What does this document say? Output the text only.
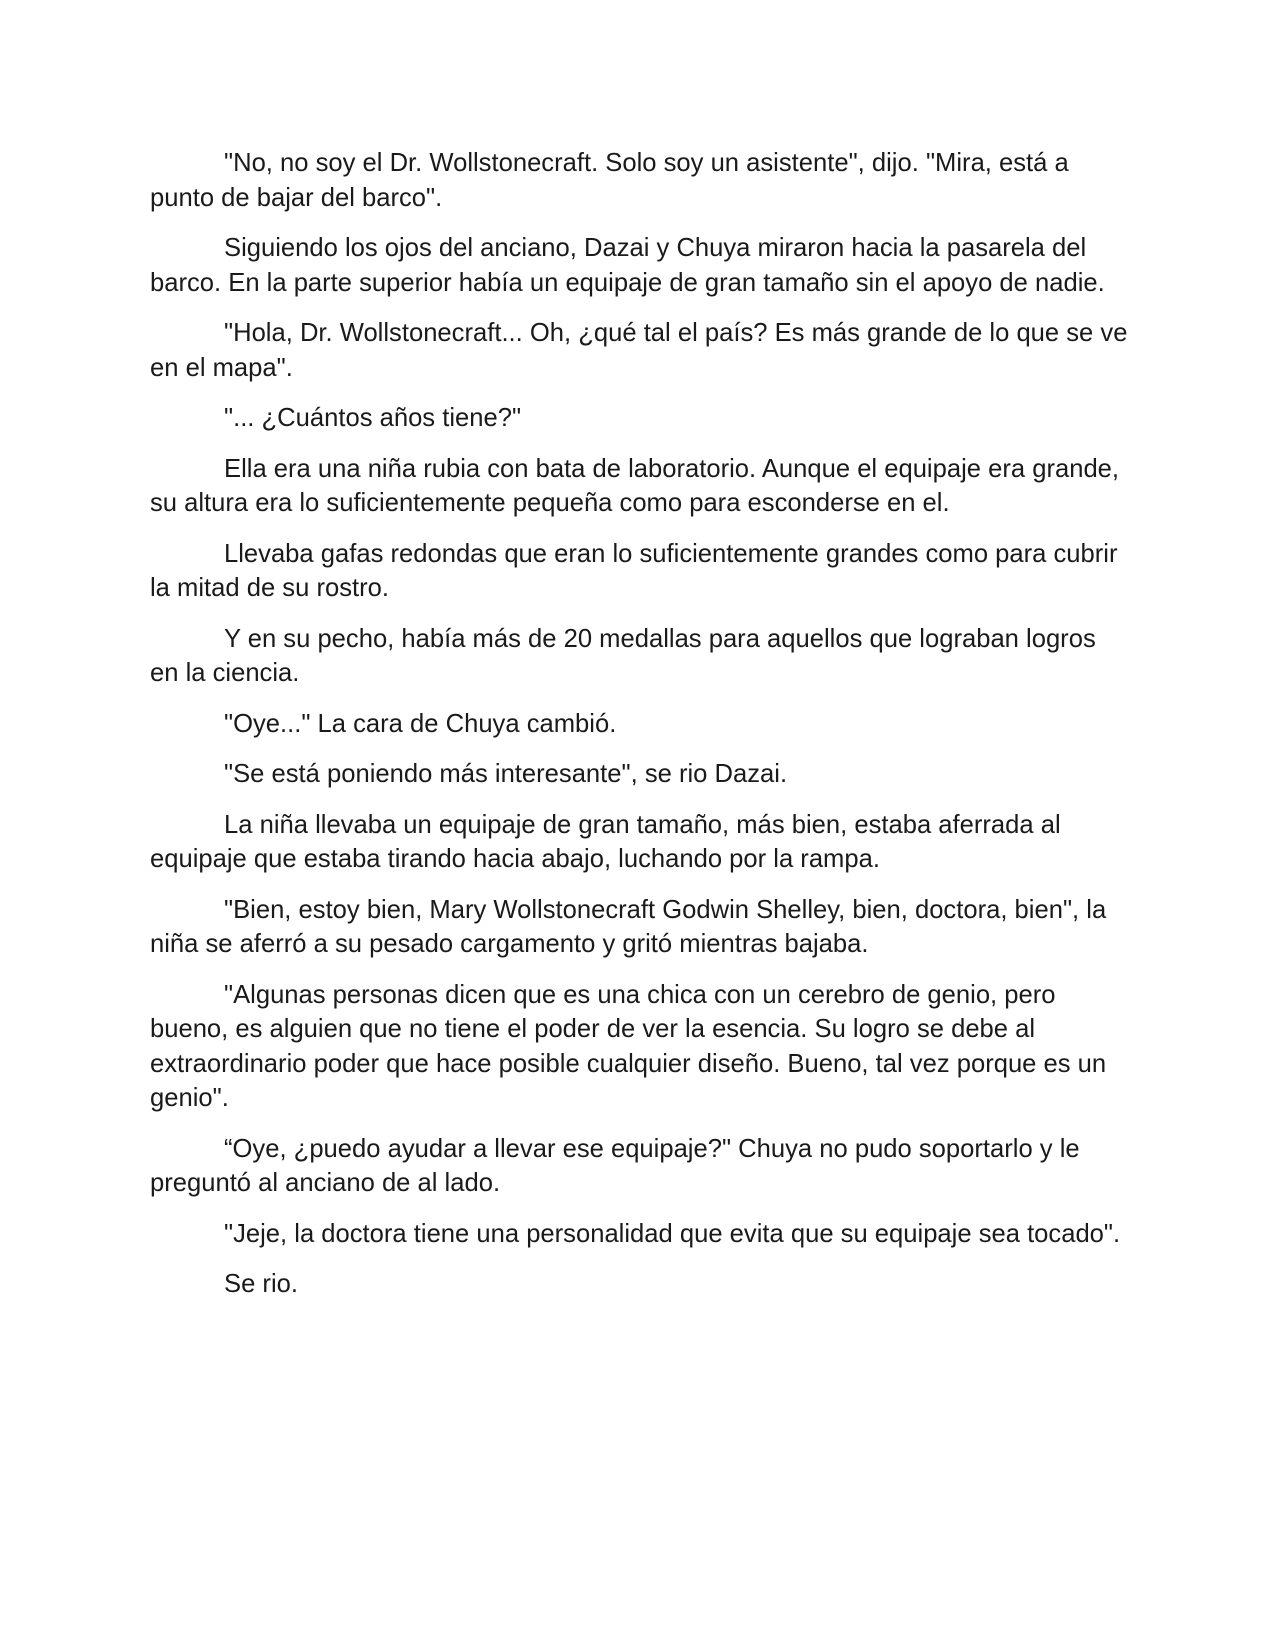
"No, no soy el Dr. Wollstonecraft. Solo soy un asistente", dijo. "Mira, está a punto de bajar del barco".

Siguiendo los ojos del anciano, Dazai y Chuya miraron hacia la pasarela del barco. En la parte superior había un equipaje de gran tamaño sin el apoyo de nadie.

"Hola, Dr. Wollstonecraft... Oh, ¿qué tal el país? Es más grande de lo que se ve en el mapa".

"... ¿Cuántos años tiene?"

Ella era una niña rubia con bata de laboratorio. Aunque el equipaje era grande, su altura era lo suficientemente pequeña como para esconderse en el.

Llevaba gafas redondas que eran lo suficientemente grandes como para cubrir la mitad de su rostro.

Y en su pecho, había más de 20 medallas para aquellos que lograban logros en la ciencia.

"Oye..." La cara de Chuya cambió.

"Se está poniendo más interesante", se rio Dazai.

La niña llevaba un equipaje de gran tamaño, más bien, estaba aferrada al equipaje que estaba tirando hacia abajo, luchando por la rampa.

"Bien, estoy bien, Mary Wollstonecraft Godwin Shelley, bien, doctora, bien", la niña se aferró a su pesado cargamento y gritó mientras bajaba.

"Algunas personas dicen que es una chica con un cerebro de genio, pero bueno, es alguien que no tiene el poder de ver la esencia. Su logro se debe al extraordinario poder que hace posible cualquier diseño. Bueno, tal vez porque es un genio".

“Oye, ¿puedo ayudar a llevar ese equipaje?" Chuya no pudo soportarlo y le preguntó al anciano de al lado.

"Jeje, la doctora tiene una personalidad que evita que su equipaje sea tocado".

Se rio.
